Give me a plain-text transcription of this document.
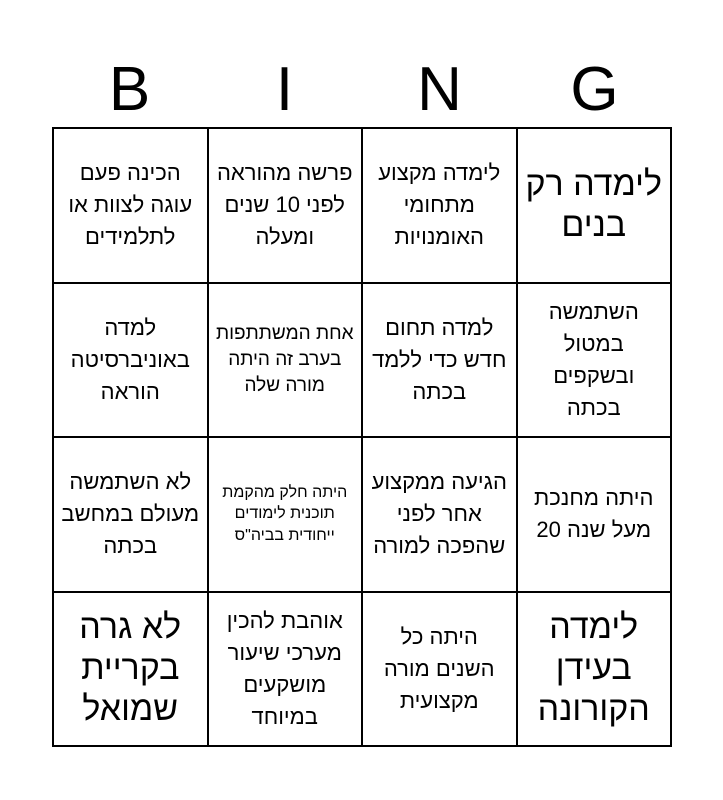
B	I	N	G
הכינה פעם עוגה לצוות או לתלמידים
פרשה מהוראה לפני 10 שנים ומעלה
לימדה מקצוע מתחומי האומנויות
לימדה רק בנים
למדה באוניברסיטה הוראה
אחת המשתתפות בערב זה היתה מורה שלה
למדה תחום חדש כדי ללמד בכתה
השתמשה במטול ובשקפים בכתה
לא השתמשה מעולם במחשב בכתה
היתה חלק מהקמת תוכנית לימודים ייחודית בביה"ס
הגיעה ממקצוע אחר לפני שהפכה למורה
היתה מחנכת מעל שנה 20
לא גרה בקריית שמואל
אוהבת להכין מערכי שיעור מושקעים במיוחד
היתה כל השנים מורה מקצועית
לימדה בעידן הקורונה
